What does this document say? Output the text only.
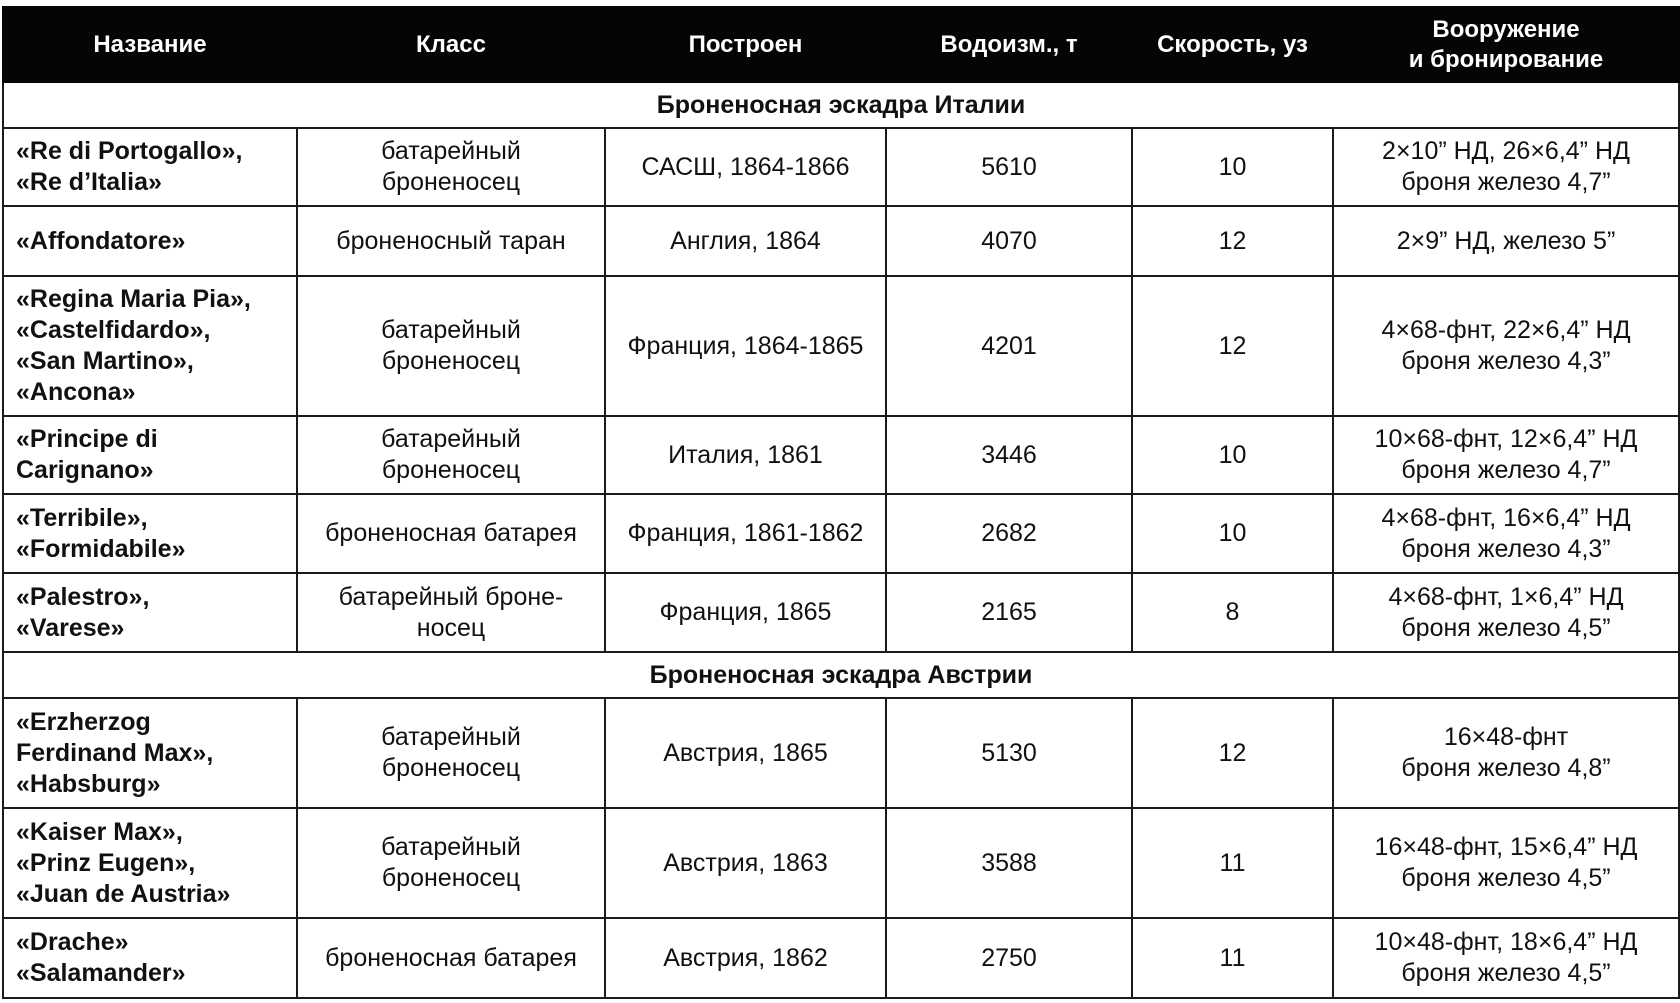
Название	Класс	Построен	Водоизм., т	Скорость, уз	Вооружение
и бронирование
Броненосная эскадра Италии					
«Re di Portogallo»,
«Re d’Italia»	батарейный
броненосец	САСШ, 1864-1866	5610	10	2×10” НД, 26×6,4” НД
броня железо 4,7”
«Affondatore»	броненосный таран	Англия, 1864	4070	12	2×9” НД, железо 5”
«Regina Maria Pia»,
«Castelfidardo»,
«San Martino»,
«Ancona»	батарейный
броненосец	Франция, 1864-1865	4201	12	4×68-фнт, 22×6,4” НД
броня железо 4,3”
«Principe di
Carignano»	батарейный
броненосец	Италия, 1861	3446	10	10×68-фнт, 12×6,4” НД
броня железо 4,7”
«Terribile»,
«Formidabile»	броненосная батарея	Франция, 1861-1862	2682	10	4×68-фнт, 16×6,4” НД
броня железо 4,3”
«Palestro»,
«Varese»	батарейный броне-
носец	Франция, 1865	2165	8	4×68-фнт, 1×6,4” НД
броня железо 4,5”
Броненосная эскадра Австрии					
«Erzherzog
Ferdinand Max»,
«Habsburg»	батарейный
броненосец	Австрия, 1865	5130	12	16×48-фнт
броня железо 4,8”
«Kaiser Max»,
«Prinz Eugen»,
«Juan de Austria»	батарейный
броненосец	Австрия, 1863	3588	11	16×48-фнт, 15×6,4” НД
броня железо 4,5”
«Drache»
«Salamander»	броненосная батарея	Австрия, 1862	2750	11	10×48-фнт, 18×6,4” НД
броня железо 4,5”
